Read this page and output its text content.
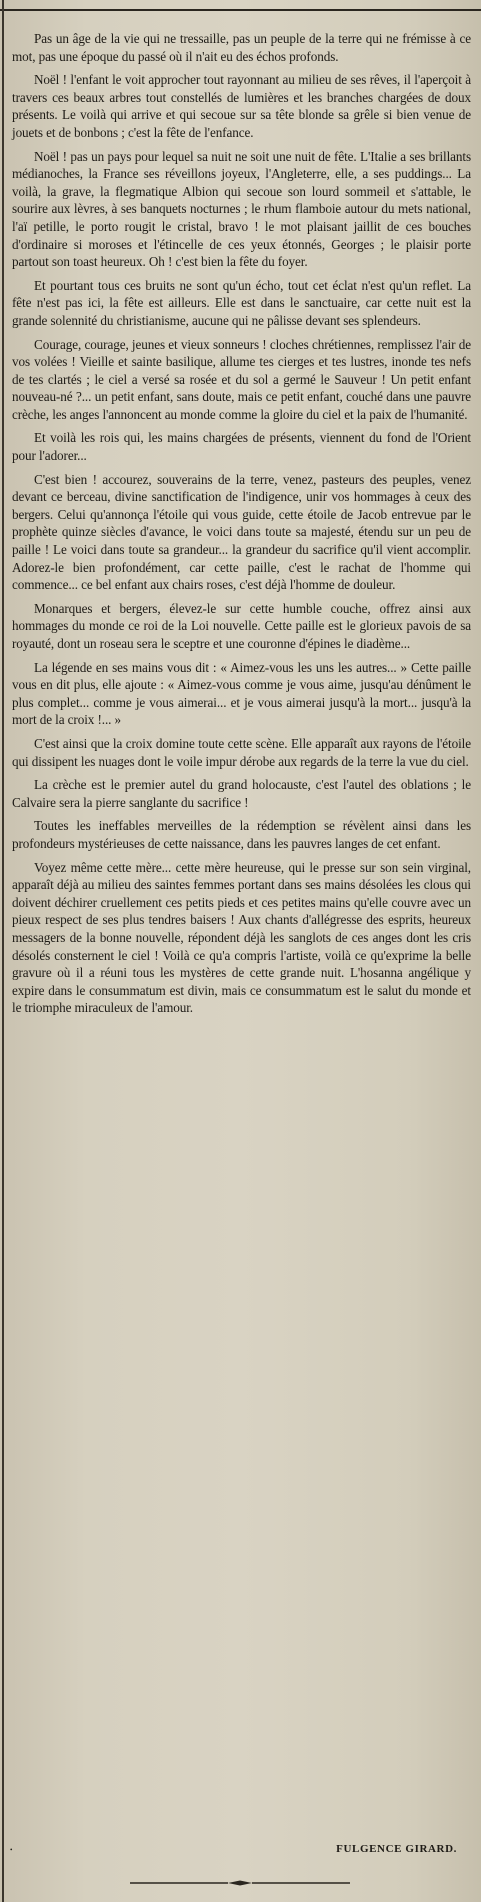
Pas un âge de la vie qui ne tressaille, pas un peuple de la terre qui ne frémisse à ce mot, pas une époque du passé où il n'ait eu des échos profonds.

Noël ! l'enfant le voit approcher tout rayonnant au milieu de ses rêves, il l'aperçoit à travers ces beaux arbres tout constellés de lumières et les branches chargées de doux présents. Le voilà qui arrive et qui secoue sur sa tête blonde sa grêle si bien venue de jouets et de bonbons ; c'est la fête de l'enfance.

Noël ! pas un pays pour lequel sa nuit ne soit une nuit de fête. L'Italie a ses brillants médianoches, la France ses réveillons joyeux, l'Angleterre, elle, a ses puddings... La voilà, la grave, la flegmatique Albion qui secoue son lourd sommeil et s'attable, le sourire aux lèvres, à ses banquets nocturnes ; le rhum flamboie autour du mets national, l'aï petille, le porto rougit le cristal, bravo ! le mot plaisant jaillit de ces bouches d'ordinaire si moroses et l'étincelle de ces yeux étonnés, Georges ; le plaisir porte partout son toast heureux. Oh ! c'est bien la fête du foyer.

Et pourtant tous ces bruits ne sont qu'un écho, tout cet éclat n'est qu'un reflet. La fête n'est pas ici, la fête est ailleurs. Elle est dans le sanctuaire, car cette nuit est la grande solennité du christianisme, aucune qui ne pâlisse devant ses splendeurs.

Courage, courage, jeunes et vieux sonneurs ! cloches chrétiennes, remplissez l'air de vos volées ! Vieille et sainte basilique, allume tes cierges et tes lustres, inonde tes nefs de tes clartés ; le ciel a versé sa rosée et du sol a germé le Sauveur ! Un petit enfant nouveau-né ?... un petit enfant, sans doute, mais ce petit enfant, couché dans une pauvre crèche, les anges l'annoncent au monde comme la gloire du ciel et la paix de l'humanité.

Et voilà les rois qui, les mains chargées de présents, viennent du fond de l'Orient pour l'adorer...

C'est bien ! accourez, souverains de la terre, venez, pasteurs des peuples, venez devant ce berceau, divine sanctification de l'indigence, unir vos hommages à ceux des bergers. Celui qu'annonça l'étoile qui vous guide, cette étoile de Jacob entrevue par le prophète quinze siècles d'avance, le voici dans toute sa majesté, étendu sur un peu de paille ! Le voici dans toute sa grandeur... la grandeur du sacrifice qu'il vient accomplir. Adorez-le bien profondément, car cette paille, c'est le rachat de l'homme qui commence... ce bel enfant aux chairs roses, c'est déjà l'homme de douleur.

Monarques et bergers, élevez-le sur cette humble couche, offrez ainsi aux hommages du monde ce roi de la Loi nouvelle. Cette paille est le glorieux pavois de sa royauté, dont un roseau sera le sceptre et une couronne d'épines le diadème...

La légende en ses mains vous dit : « Aimez-vous les uns les autres... » Cette paille vous en dit plus, elle ajoute : « Aimez-vous comme je vous aime, jusqu'au dénûment le plus complet... comme je vous aimerai... et je vous aimerai jusqu'à la mort... jusqu'à la mort de la croix !... »

C'est ainsi que la croix domine toute cette scène. Elle apparaît aux rayons de l'étoile qui dissipent les nuages dont le voile impur dérobe aux regards de la terre la vue du ciel.

La crèche est le premier autel du grand holocauste, c'est l'autel des oblations ; le Calvaire sera la pierre sanglante du sacrifice !

Toutes les ineffables merveilles de la rédemption se révèlent ainsi dans les profondeurs mystérieuses de cette naissance, dans les pauvres langes de cet enfant.

Voyez même cette mère... cette mère heureuse, qui le presse sur son sein virginal, apparaît déjà au milieu des saintes femmes portant dans ses mains désolées les clous qui doivent déchirer cruellement ces petits pieds et ces petites mains qu'elle couvre avec un pieux respect de ses plus tendres baisers ! Aux chants d'allégresse des esprits, heureux messagers de la bonne nouvelle, répondent déjà les sanglots de ces anges dont les cris désolés consternent le ciel ! Voilà ce qu'a compris l'artiste, voilà ce qu'exprime la belle gravure où il a réuni tous les mystères de cette grande nuit. L'hosanna angélique y expire dans le consummatum est divin, mais ce consummatum est le salut du monde et le triomphe miraculeux de l'amour.

•	FULGENCE GIRARD.
